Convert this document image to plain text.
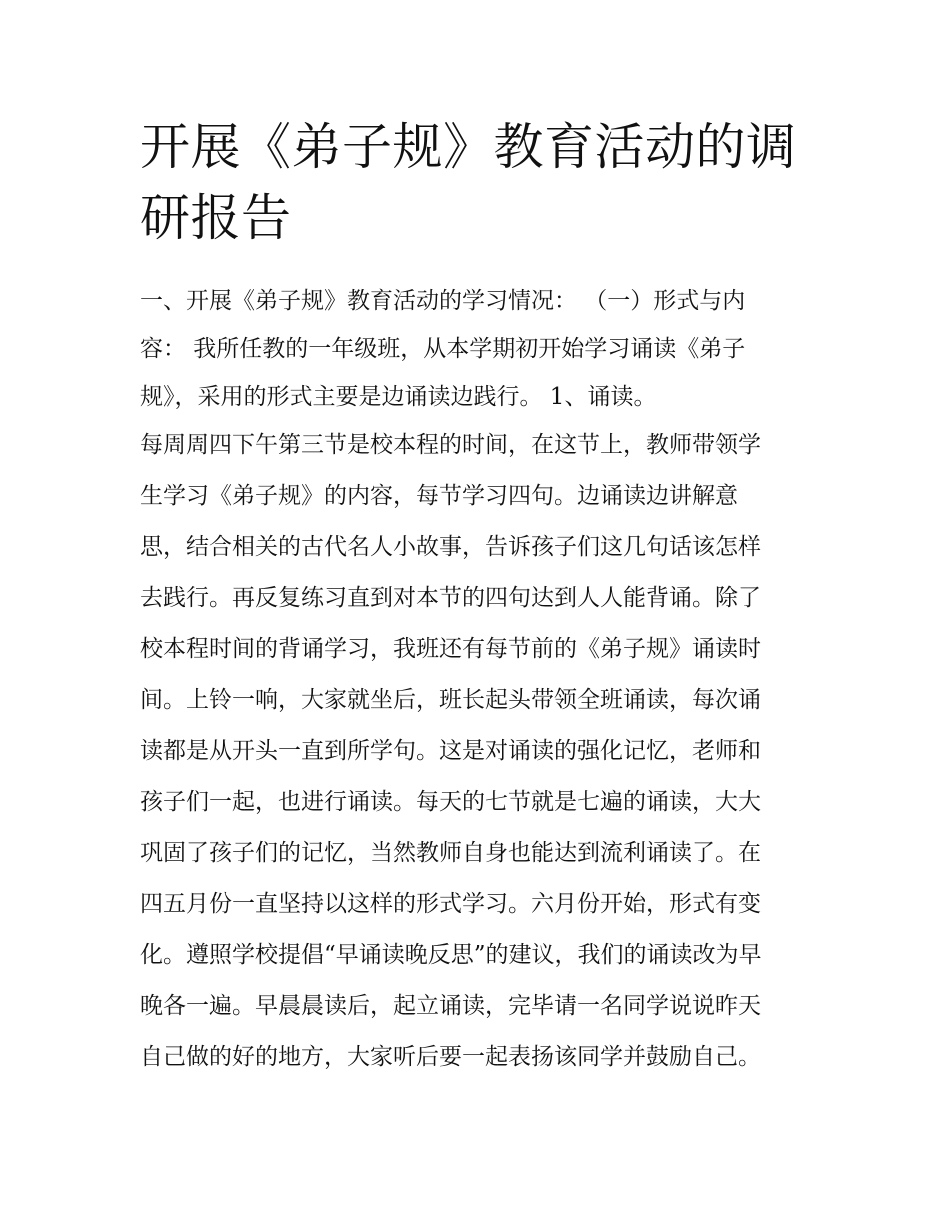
开展《弟子规》教育活动的调
研报告
一、开展《弟子规》教育活动的学习情况： （一）形式与内
容： 我所任教的一年级班，从本学期初开始学习诵读《弟子
规》，采用的形式主要是边诵读边践行。 1、诵读。
每周周四下午第三节是校本程的时间，在这节上，教师带领学
生学习《弟子规》的内容，每节学习四句。边诵读边讲解意
思，结合相关的古代名人小故事，告诉孩子们这几句话该怎样
去践行。再反复练习直到对本节的四句达到人人能背诵。除了
校本程时间的背诵学习，我班还有每节前的《弟子规》诵读时
间。上铃一响，大家就坐后，班长起头带领全班诵读，每次诵
读都是从开头一直到所学句。这是对诵读的强化记忆，老师和
孩子们一起，也进行诵读。每天的七节就是七遍的诵读，大大
巩固了孩子们的记忆，当然教师自身也能达到流利诵读了。在
四五月份一直坚持以这样的形式学习。六月份开始，形式有变
化。遵照学校提倡“早诵读晚反思”的建议，我们的诵读改为早
晚各一遍。早晨晨读后，起立诵读，完毕请一名同学说说昨天
自己做的好的地方，大家听后要一起表扬该同学并鼓励自己。
